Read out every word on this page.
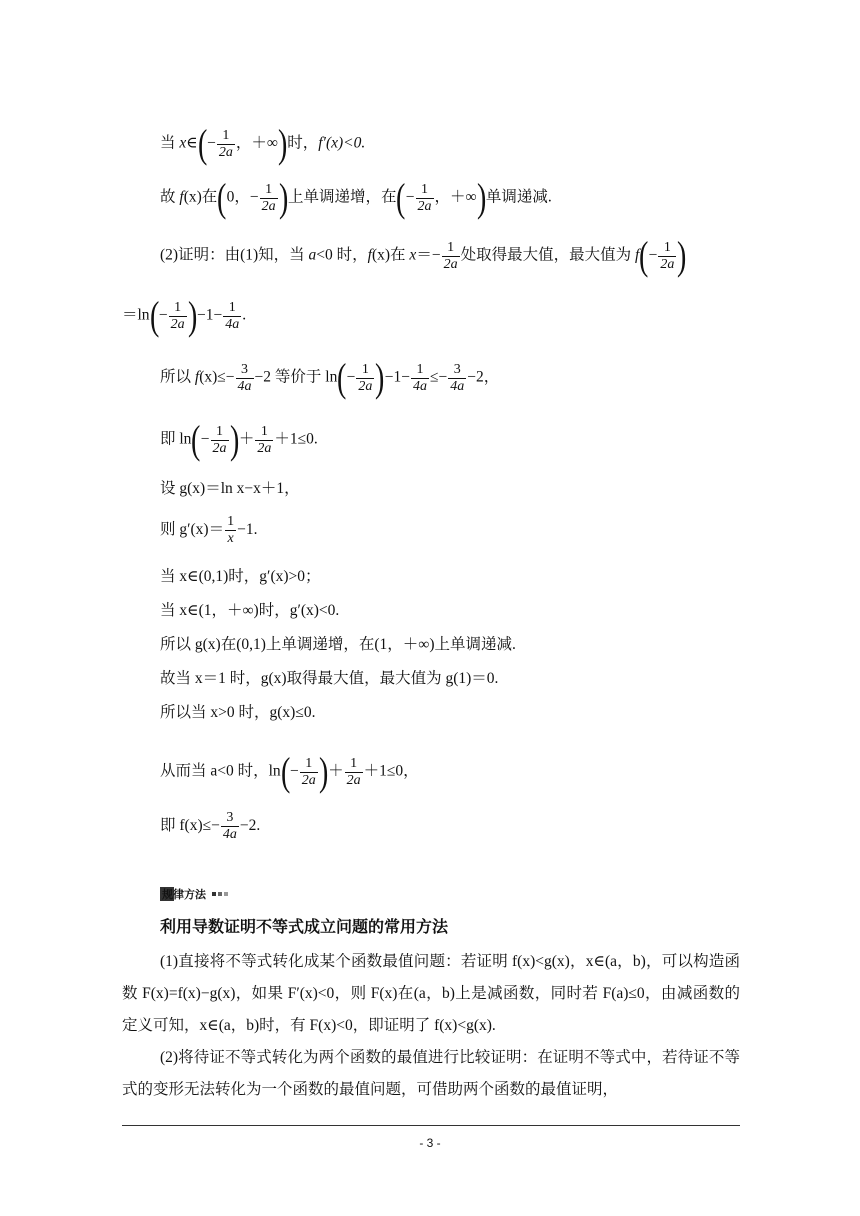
当 x∈(− $\frac{1}{2a}$ ，＋∞)时，f′(x)<0.
故 f(x)在(0，− $\frac{1}{2a}$ )上单调递增，在(− $\frac{1}{2a}$ ，＋∞)单调递减.
(2)证明：由(1)知，当 a<0 时，f(x)在 $x=- \frac{1}{2a}$ 处取得最大值，最大值为 $f(- \frac{1}{2a}$ )
$=\ln(- \frac{1}{2a} )-1- \frac{1}{4a}$ .
所以 $f(x)\le- \frac{3}{4a} -2$ 等价于 $\ln(- \frac{1}{2a} )-1- \frac{1}{4a} \le- \frac{3}{4a} -2$，
即 $\ln(- \frac{1}{2a}$ )＋ $\frac{1}{2a} +1\le 0$.
设 g(x)＝ln x−x＋1，
则 $g'(x)= \frac{1}{x} -1$.
当 x∈(0,1)时，g′(x)>0；
当 x∈(1，＋∞)时，g′(x)<0.
所以 g(x)在(0,1)上单调递增，在(1，＋∞)上单调递减.
故当 x＝1 时，g(x)取得最大值，最大值为 g(1)＝0.
所以当 x>0 时，g(x)≤0.
从而当 a<0 时，$\ln(- \frac{1}{2a}$ )＋ $\frac{1}{2a} +1\le 0$，
即 $f(x)\le- \frac{3}{4a} -2$.
规律方法
利用导数证明不等式成立问题的常用方法
(1)直接将不等式转化成某个函数最值问题：若证明 f(x)<g(x)，x∈(a，b)，可以构造函数 F(x)=f(x)−g(x)，如果 F′(x)<0，则 F(x)在(a，b)上是减函数，同时若 F(a)≤0，由减函数的定义可知，x∈(a，b)时，有 F(x)<0，即证明了 f(x)<g(x).
(2)将待证不等式转化为两个函数的最值进行比较证明：在证明不等式中，若待证不等式的变形无法转化为一个函数的最值问题，可借助两个函数的最值证明，
- 3 -
